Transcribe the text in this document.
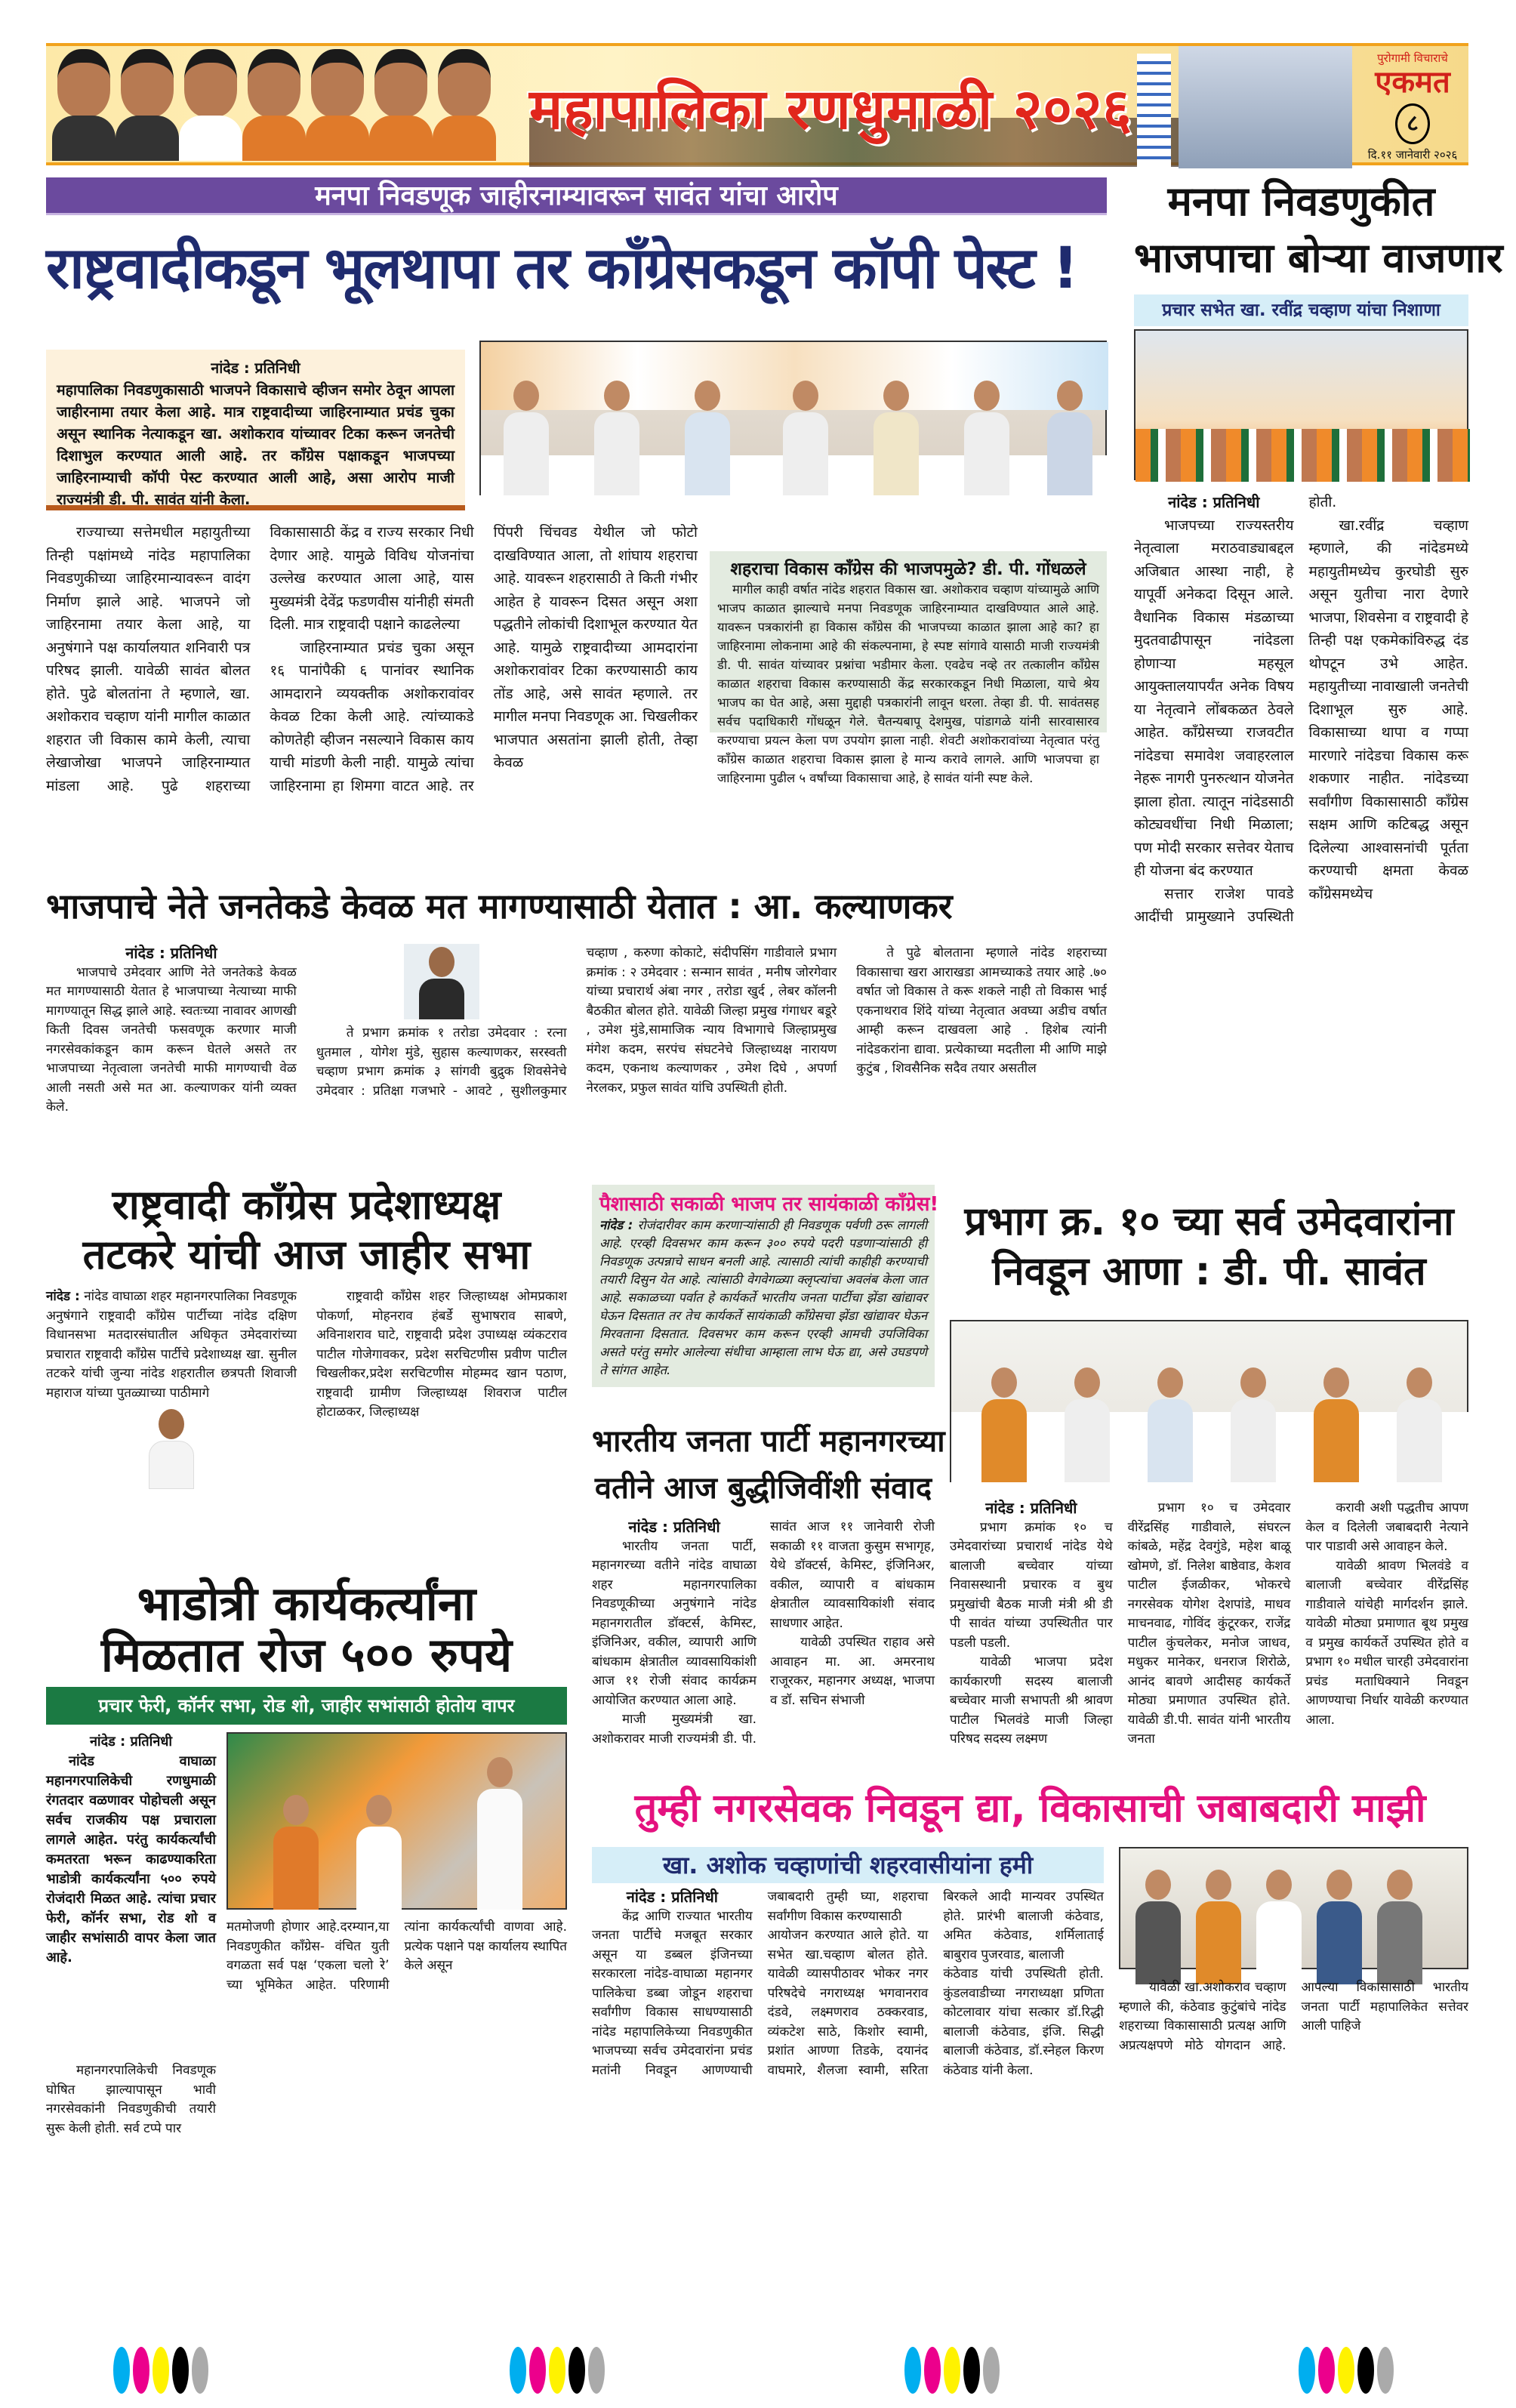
महापालिका रणधुमाळी २०२६
पुरोगामी विचाराचे
एकमत
८
दि.११ जानेवारी २०२६
मनपा निवडणूक जाहीरनाम्यावरून सावंत यांचा आरोप
राष्ट्रवादीकडून भूलथापा तर काँग्रेसकडून कॉपी पेस्ट !
नांदेड : प्रतिनिधी
महापालिका निवडणुकासाठी भाजपने विकासाचे व्हीजन समोर ठेवून आपला जाहीरनामा तयार केला आहे. मात्र राष्ट्रवादीच्या जाहिरनाम्यात प्रचंड चुका असून स्थानिक नेत्याकडून खा. अशोकराव यांच्यावर टिका करून जनतेची दिशाभुल करण्यात आली आहे. तर काँग्रेस पक्षाकडून भाजपच्या जाहिरनाम्याची कॉपी पेस्ट करण्यात आली आहे, असा आरोप माजी राज्यमंत्री डी. पी. सावंत यांनी केला.

राज्याच्या सत्तेमधील महायुतीच्या तिन्ही पक्षांमध्ये नांदेड महापालिका निवडणुकीच्या जाहिरमान्यावरून वादंग निर्माण झाले आहे. भाजपने जो जाहिरनामा तयार केला आहे, या अनुषंगाने पक्ष कार्यालयात शनिवारी पत्र परिषद झाली. यावेळी सावंत बोलत होते. पुढे बोलतांना ते म्हणाले, खा. अशोकराव चव्हाण यांनी मागील काळात शहरात जी विकास कामे केली, त्याचा लेखाजोखा भाजपने जाहिरनाम्यात मांडला आहे. पुढे शहराच्या विकासासाठी केंद्र व राज्य सरकार निधी देणार आहे. यामुळे विविध योजनांचा उल्लेख करण्यात आला आहे, यास मुख्यमंत्री देवेंद्र फडणवीस यांनीही संमती दिली. मात्र राष्ट्रवादी पक्षाने काढलेल्या

जाहिरनाम्यात प्रचंड चुका असून १६ पानांपैकी ६ पानांवर स्थानिक आमदाराने व्ययक्तीक अशोकरावांवर केवळ टिका केली आहे. त्यांच्याकडे कोणतेही व्हीजन नसल्याने विकास काय याची मांडणी केली नाही. यामुळे त्यांचा जाहिरनामा हा शिमगा वाटत आहे. तर पिंपरी चिंचवड येथील जो फोटो दाखविण्यात आला, तो शांघाय शहराचा आहे. यावरून शहरासाठी ते किती गंभीर आहेत हे यावरून दिसत असून अशा पद्धतीने लोकांची दिशाभूल करण्यात येत आहे. यामुळे राष्ट्रवादीच्या आमदारांना अशोकरावांवर टिका करण्यासाठी काय तोंड आहे, असे सावंत म्हणाले. तर मागील मनपा निवडणूक आ. चिखलीकर भाजपात असतांना झाली होती, तेव्हा केवळ

शहराचा विकास काँग्रेस की भाजपमुळे? डी. पी. गोंधळले
मागील काही वर्षात नांदेड शहरात विकास खा. अशोकराव चव्हाण यांच्यामुळे आणि भाजप काळात झाल्याचे मनपा निवडणूक जाहिरनाम्यात दाखविण्यात आले आहे. यावरून पत्रकारांनी हा विकास काँग्रेस की भाजपच्या काळात झाला आहे का? हा जाहिरनामा लोकनामा आहे की संकल्पनामा, हे स्पष्ट सांगावे यासाठी माजी राज्यमंत्री डी. पी. सावंत यांच्यावर प्रश्नांचा भडीमार केला. एवढेच नव्हे तर तत्कालीन काँग्रेस काळात शहराचा विकास करण्यासाठी केंद्र सरकारकडून निधी मिळाला, याचे श्रेय भाजप का घेत आहे, असा मुद्दाही पत्रकारांनी लावून धरला. तेव्हा डी. पी. सावंतसह सर्वच पदाधिकारी गोंधळून गेले. चैतन्यबापू देशमुख, पांडागळे यांनी सारवासारव करण्याचा प्रयत्न केला पण उपयोग झाला नाही. शेवटी अशोकरावांच्या नेतृत्वात परंतु काँग्रेस काळात शहराचा विकास झाला हे मान्य करावे लागले. आणि भाजपचा हा जाहिरनामा पुढील ५ वर्षांच्या विकासाचा आहे, हे सावंत यांनी स्पष्ट केले.
मनपा निवडणुकीत
भाजपाचा बोऱ्या वाजणार
प्रचार सभेत खा. रवींद्र चव्हाण यांचा निशाणा
नांदेड : प्रतिनिधी

भाजपच्या राज्यस्तरीय नेतृत्वाला मराठवाड्याबद्दल अजिबात आस्था नाही, हे यापूर्वी अनेकदा दिसून आले. वैधानिक विकास मंडळाच्या मुदतवाढीपासून नांदेडला होणाऱ्या महसूल आयुक्तालयापर्यंत अनेक विषय या नेतृत्वाने लोंबकळत ठेवले आहेत. काँग्रेसच्या राजवटीत नांदेडचा समावेश जवाहरलाल नेहरू नागरी पुनरुत्थान योजनेत झाला होता. त्यातून नांदेडसाठी कोट्यवधींचा निधी मिळाला; पण मोदी सरकार सत्तेवर येताच ही योजना बंद करण्यात

सत्तार राजेश पावडे आदींची प्रामुख्याने उपस्थिती होती.

खा.रवींद्र चव्हाण म्हणाले, की नांदेडमध्ये महायुतीमध्येच कुरघोडी सुरु असून युतीचा नारा देणारे भाजपा, शिवसेना व राष्ट्रवादी हे तिन्ही पक्ष एकमेकांविरुद्ध दंड थोपटून उभे आहेत. महायुतीच्या नावाखाली जनतेची दिशाभूल सुरु आहे. विकासाच्या थापा व गप्पा मारणारे नांदेडचा विकास करू शकणार नाहीत. नांदेडच्या सर्वांगीण विकासासाठी काँग्रेस सक्षम आणि कटिबद्ध असून दिलेल्या आश्वासनांची पूर्तता करण्याची क्षमता केवळ काँग्रेसमध्येच

भाजपाचे नेते जनतेकडे केवळ मत मागण्यासाठी येतात : आ. कल्याणकर
नांदेड : प्रतिनिधी

भाजपाचे उमेदवार आणि नेते जनतेकडे केवळ मत मागण्यासाठी येतात हे भाजपाच्या नेत्याच्या माफी मागण्यातून सिद्ध झाले आहे. स्वतःच्या नावावर आणखी किती दिवस जनतेची फसवणूक करणार माजी नगरसेवकांकडून काम करून घेतले असते तर भाजपाच्या नेतृत्वाला जनतेची माफी मागण्याची वेळ आली नसती असे मत आ. कल्याणकर यांनी व्यक्त केले.

ते प्रभाग क्रमांक १ तरोडा उमेदवार : रत्ना धुतमाल , योगेश मुंडे, सुहास कल्याणकर, सरस्वती चव्हाण प्रभाग क्रमांक ३ सांगवी बुद्रुक शिवसेनेचे उमेदवार : प्रतिक्षा गजभारे - आवटे , सुशीलकुमार चव्हाण , करुणा कोकाटे, संदीपसिंग गाडीवाले प्रभाग क्रमांक : २ उमेदवार : सन्मान सावंत , मनीष जोरगेवार यांच्या प्रचारार्थ अंबा नगर , तरोडा खुर्द , लेबर कॉलनी बैठकीत बोलत होते. यावेळी जिल्हा प्रमुख गंगाधर बडूरे , उमेश मुंडे,सामाजिक न्याय विभागाचे जिल्हाप्रमुख मंगेश कदम, सरपंच संघटनेचे जिल्हाध्यक्ष नारायण कदम, एकनाथ कल्याणकर , उमेश दिघे , अपर्णा नेरलकर, प्रफुल सावंत यांचि उपस्थिती होती.

ते पुढे बोलताना म्हणाले नांदेड शहराच्या विकासाचा खरा आराखडा आमच्याकडे तयार आहे .७० वर्षात जो विकास ते करू शकले नाही तो विकास भाई एकनाथराव शिंदे यांच्या नेतृत्वात अवघ्या अडीच वर्षात आम्ही करून दाखवला आहे . हिशेब त्यांनी नांदेडकरांना द्यावा. प्रत्येकाच्या मदतीला मी आणि माझे कुटुंब , शिवसैनिक सदैव तयार असतील

राष्ट्रवादी काँग्रेस प्रदेशाध्यक्ष
तटकरे यांची आज जाहीर सभा

नांदेड : नांदेड वाघाळा शहर महानगरपालिका निवडणूक अनुषंगाने राष्ट्रवादी काँग्रेस पार्टीच्या नांदेड दक्षिण विधानसभा मतदारसंघातील अधिकृत उमेदवारांच्या प्रचारात राष्ट्रवादी काँग्रेस पार्टीचे प्रदेशाध्यक्ष खा. सुनील तटकरे यांची जुन्या नांदेड शहरातील छत्रपती शिवाजी महाराज यांच्या पुतळ्याच्या पाठीमागे

राष्ट्रवादी काँग्रेस शहर जिल्हाध्यक्ष ओमप्रकाश पोकर्णा, मोहनराव हंबर्डे सुभाषराव साबणे, अविनाशराव घाटे, राष्ट्रवादी प्रदेश उपाध्यक्ष व्यंकटराव पाटील गोजेगावकर, प्रदेश सरचिटणीस प्रवीण पाटील चिखलीकर,प्रदेश सरचिटणीस मोहम्मद खान पठाण, राष्ट्रवादी ग्रामीण जिल्हाध्यक्ष शिवराज पाटील होटाळकर, जिल्हाध्यक्ष

पैशासाठी सकाळी भाजप तर सायंकाळी काँग्रेस!
नांदेड : रोजंदारीवर काम करणाऱ्यांसाठी ही निवडणूक पर्वणी ठरू लागली आहे. एरव्ही दिवसभर काम करून ३०० रुपये पदरी पडणाऱ्यांसाठी ही निवडणूक उत्पन्नाचे साधन बनली आहे. त्यासाठी त्यांची काहीही करण्याची तयारी दिसुन येत आहे. त्यांसाठी वेगवेगळ्या क्लृप्त्यांचा अवलंब केला जात आहे. सकाळच्या पर्वात हे कार्यकर्ते भारतीय जनता पार्टीचा झेंडा खांद्यावर घेऊन दिसतात तर तेच कार्यकर्ते सायंकाळी काँग्रेसचा झेंडा खांद्यावर घेऊन मिरवताना दिसतात. दिवसभर काम करून एरव्ही आमची उपजिविका असते परंतु समोर आलेल्या संधीचा आम्हाला लाभ घेऊ द्या, असे उघडपणे ते सांगत आहेत.
प्रभाग क्र. १० च्या सर्व उमेदवारांना
निवडून आणा : डी. पी. सावंत
नांदेड : प्रतिनिधी

प्रभाग क्रमांक १० च उमेदवारांच्या प्रचारार्थ नांदेड येथे बालाजी बच्चेवार यांच्या निवासस्थानी प्रचारक व बुथ प्रमुखांची बैठक माजी मंत्री श्री डी पी सावंत यांच्या उपस्थितीत पार पडली पडली.

यावेळी भाजपा प्रदेश कार्यकारणी सदस्य बालाजी बच्चेवार माजी सभापती श्री श्रावण पाटील भिलवंडे माजी जिल्हा परिषद सदस्य लक्ष्मण

प्रभाग १० च उमेदवार वीरेंद्रसिंह गाडीवाले, संघरत्न कांबळे, महेंद्र देवगुंडे, महेश बाळू खोमणे, डॉ. निलेश बाष्ठेवाड, केशव पाटील ईजळीकर, भोकरचे नगरसेवक योगेश देशपांडे, माधव माचनवाढ, गोविंद कुंटूरकर, राजेंद्र पाटील कुंचलेकर, मनोज जाधव, मधुकर मानेकर, धनराज शिरोळे, आनंद बावणे आदीसह कार्यकर्ते मोठ्या प्रमाणात उपस्थित होते. यावेळी डी.पी. सावंत यांनी भारतीय जनता

करावी अशी पद्धतीच आपण केल व दिलेली जबाबदारी नेत्याने पार पाडावी असे आवाहन केले.

यावेळी श्रावण भिलवंडे व बालाजी बच्चेवार वीरेंद्रसिंह गाडीवाले यांचेही मार्गदर्शन झाले. यावेळी मोठ्या प्रमाणात बूथ प्रमुख व प्रमुख कार्यकर्ते उपस्थित होते व प्रभाग १० मधील चारही उमेदवारांना प्रचंड मताधिक्याने निवडून आणण्याचा निर्धार यावेळी करण्यात आला.

भारतीय जनता पार्टी महानगरच्या
वतीने आज बुद्धीजिवींशी संवाद
नांदेड : प्रतिनिधी

भारतीय जनता पार्टी, महानगरच्या वतीने नांदेड वाघाळा शहर महानगरपालिका निवडणूकीच्या अनुषंगाने नांदेड महानगरातील डॉक्टर्स, केमिस्ट, इंजिनिअर, वकील, व्यापारी आणि बांधकाम क्षेत्रातील व्यावसायिकांशी आज ११ रोजी संवाद कार्यक्रम आयोजित करण्यात आला आहे.

माजी मुख्यमंत्री खा. अशोकरावर माजी राज्यमंत्री डी. पी. सावंत आज ११ जानेवारी रोजी सकाळी ११ वाजता कुसुम सभागृह, येथे डॉक्टर्स, केमिस्ट, इंजिनिअर, वकील, व्यापारी व बांधकाम क्षेत्रातील व्यावसायिकांशी संवाद साधणार आहेत.

यावेळी उपस्थित राहाव असे आवाहन मा. आ. अमरनाथ राजूरकर, महानगर अध्यक्ष, भाजपा व डॉ. सचिन संभाजी

भाडोत्री कार्यकर्त्यांना
मिळतात रोज ५०० रुपये
प्रचार फेरी, कॉर्नर सभा, रोड शो, जाहीर सभांसाठी होतोय वापर
नांदेड : प्रतिनिधी
नांदेड वाघाळा महानगरपालिकेची रणधुमाळी रंगतदार वळणावर पोहोचली असून सर्वच राजकीय पक्ष प्रचाराला लागले आहेत. परंतु कार्यकर्त्यांची कमतरता भरून काढण्याकरिता भाडोत्री कार्यकर्त्यांना ५०० रुपये रोजंदारी मिळत आहे. त्यांचा प्रचार फेरी, कॉर्नर सभा, रोड शो व जाहीर सभांसाठी वापर केला जात आहे.

महानगरपालिकेची निवडणूक घोषित झाल्यापासून भावी नगरसेवकांनी निवडणुकीची तयारी सुरू केली होती. सर्व टप्पे पार

मतमोजणी होणार आहे.दरम्यान,या निवडणुकीत काँग्रेस- वंचित युती वगळता सर्व पक्ष ‘एकला चलो रे’ च्या भूमिकेत आहेत. परिणामी त्यांना कार्यकर्त्यांची वाणवा आहे. प्रत्येक पक्षाने पक्ष कार्यालय स्थापित केले असून

तुम्ही नगरसेवक निवडून द्या, विकासाची जबाबदारी माझी
खा. अशोक चव्हाणांची शहरवासीयांना हमी
नांदेड : प्रतिनिधी

केंद्र आणि राज्यात भारतीय जनता पार्टीचे मजबूत सरकार असून या डब्बल इंजिनच्या सरकारला नांदेड-वाघाळा महानगर पालिकेचा डब्बा जोडून शहराचा सर्वांगीण विकास साधण्यासाठी नांदेड महापालिकेच्या निवडणुकीत भाजपच्या सर्वच उमेदवारांना प्रचंड मतांनी निवडून आणण्याची जबाबदारी तुम्ही घ्या, शहराचा सर्वांगीण विकास करण्यासाठी

आयोजन करण्यात आले होते. या सभेत खा.चव्हाण बोलत होते. यावेळी व्यासपीठावर भोकर नगर परिषदेचे नगराध्यक्ष भगवानराव दंडवे, लक्ष्मणराव ठक्करवाड, व्यंकटेश साठे, किशोर स्वामी, प्रशांत आण्णा तिडके, दयानंद वाघमारे, शैलजा स्वामी, सरिता बिरकले आदी मान्यवर उपस्थित होते. प्रारंभी बालाजी कंठेवाड, अमित कंठेवाड, शर्मिलाताई बाबुराव पुजरवाड, बालाजी

कंठेवाड यांची उपस्थिती होती. कुंडलवाडीच्या नगराध्यक्षा प्रणिता कोटलावार यांचा सत्कार डॉ.रिद्धी बालाजी कंठेवाड, इंजि. सिद्धी बालाजी कंठेवाड, डॉ.स्नेहल किरण कंठेवाड यांनी केला.

यावेळी खा.अशोकराव चव्हाण म्हणाले की, कंठेवाड कुटुंबांचे नांदेड शहराच्या विकासासाठी प्रत्यक्ष आणि अप्रत्यक्षपणे मोठे योगदान आहे. आपल्या विकासासाठी भारतीय जनता पार्टी महापालिकेत सत्तेवर आली पाहिजे
